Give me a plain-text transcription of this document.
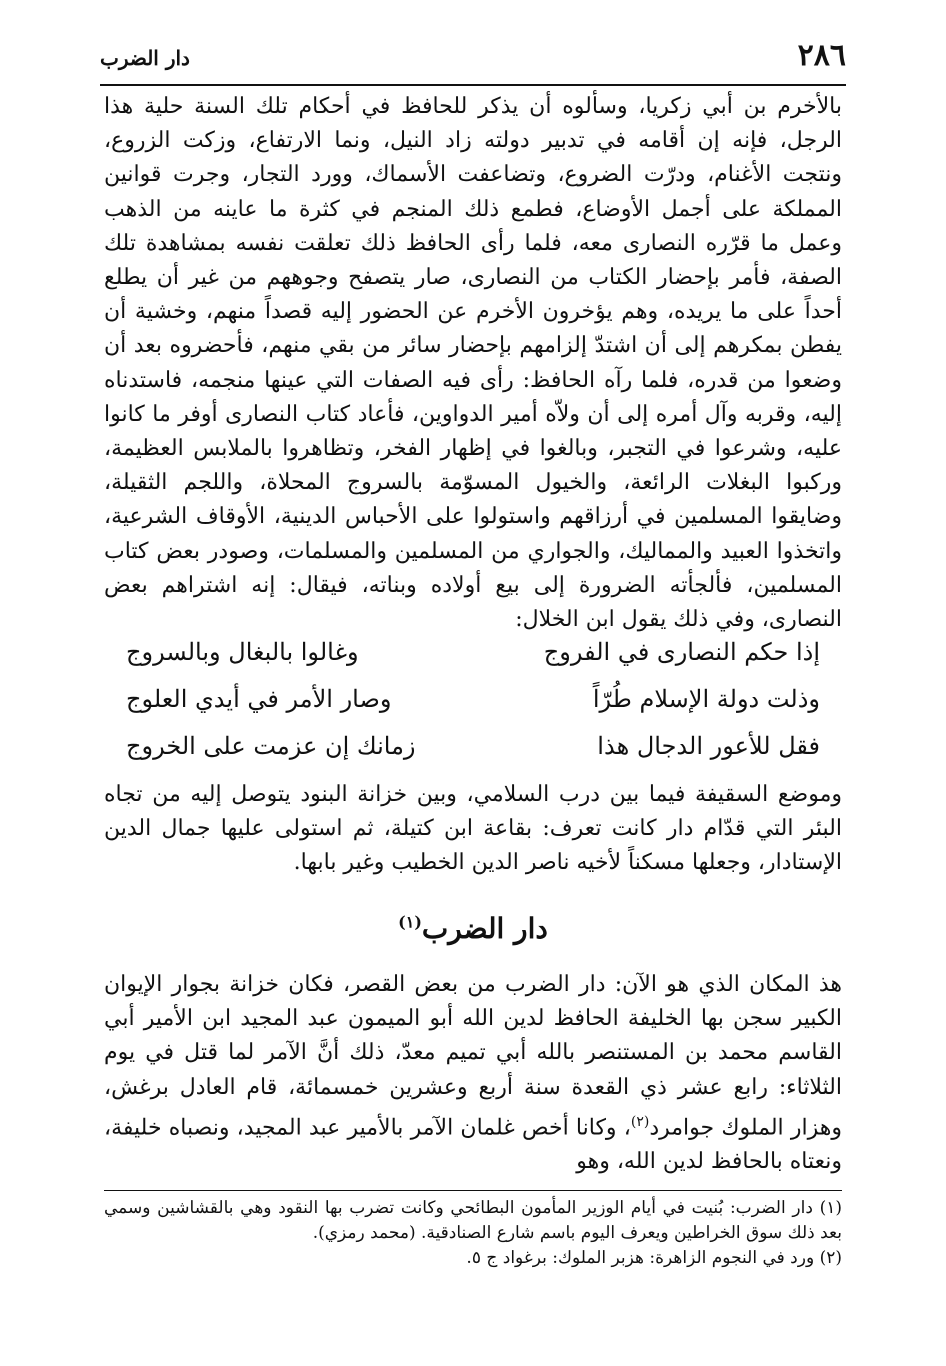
٢٨٦
دار الضرب

بالأخرم بن أبي زكريا، وسألوه أن يذكر للحافظ في أحكام تلك السنة حلية هذا الرجل، فإنه إن أقامه في تدبير دولته زاد النيل، ونما الارتفاع، وزكت الزروع، ونتجت الأغنام، ودرّت الضروع، وتضاعفت الأسماك، وورد التجار، وجرت قوانين المملكة على أجمل الأوضاع، فطمع ذلك المنجم في كثرة ما عاينه من الذهب وعمل ما قرّره النصارى معه، فلما رأى الحافظ ذلك تعلقت نفسه بمشاهدة تلك الصفة، فأمر بإحضار الكتاب من النصارى، صار يتصفح وجوههم من غير أن يطلع أحداً على ما يريده، وهم يؤخرون الأخرم عن الحضور إليه قصداً منهم، وخشية أن يفطن بمكرهم إلى أن اشتدّ إلزامهم بإحضار سائر من بقي منهم، فأحضروه بعد أن وضعوا من قدره، فلما رآه الحافظ: رأى فيه الصفات التي عينها منجمه، فاستدناه إليه، وقربه وآل أمره إلى أن ولاّه أمير الدواوين، فأعاد كتاب النصارى أوفر ما كانوا عليه، وشرعوا في التجبر، وبالغوا في إظهار الفخر، وتظاهروا بالملابس العظيمة، وركبوا البغلات الرائعة، والخيول المسوّمة بالسروج المحلاة، واللجم الثقيلة، وضايقوا المسلمين في أرزاقهم واستولوا على الأحباس الدينية، الأوقاف الشرعية، واتخذوا العبيد والمماليك، والجواري من المسلمين والمسلمات، وصودر بعض كتاب المسلمين، فألجأته الضرورة إلى بيع أولاده وبناته، فيقال: إنه اشتراهم بعض النصارى، وفي ذلك يقول ابن الخلال:

إذا حكم النصارى في الفروج
وغالوا بالبغال وبالسروج
وذلت دولة الإسلام طُرّاً
وصار الأمر في أيدي العلوج
فقل للأعور الدجال هذا
زمانك إن عزمت على الخروج

وموضع السقيفة فيما بين درب السلامي، وبين خزانة البنود يتوصل إليه من تجاه البئر التي قدّام دار كانت تعرف: بقاعة ابن كتيلة، ثم استولى عليها جمال الدين الإستادار، وجعلها مسكناً لأخيه ناصر الدين الخطيب وغير بابها.

دار الضرب$^{(١)}$

هذ المكان الذي هو الآن: دار الضرب من بعض القصر، فكان خزانة بجوار الإيوان الكبير سجن بها الخليفة الحافظ لدين الله أبو الميمون عبد المجيد ابن الأمير أبي القاسم محمد بن المستنصر بالله أبي تميم معدّ، ذلك أنَّ الآمر لما قتل في يوم الثلاثاء: رابع عشر ذي القعدة سنة أربع وعشرين خمسمائة، قام العادل برغش، وهزار الملوك جوامرد$^{(٢)}$، وكانا أخص غلمان الآمر بالأمير عبد المجيد، ونصباه خليفة، ونعتاه بالحافظ لدين الله، وهو

(١) دار الضرب: بُنيت في أيام الوزير المأمون البطائحي وكانت تضرب بها النقود وهي بالقشاشين وسمي بعد ذلك سوق الخراطين ويعرف اليوم باسم شارع الصنادقية. (محمد رمزي).

(٢) ورد في النجوم الزاهرة: هزبر الملوك: برغواد ج ٥.
